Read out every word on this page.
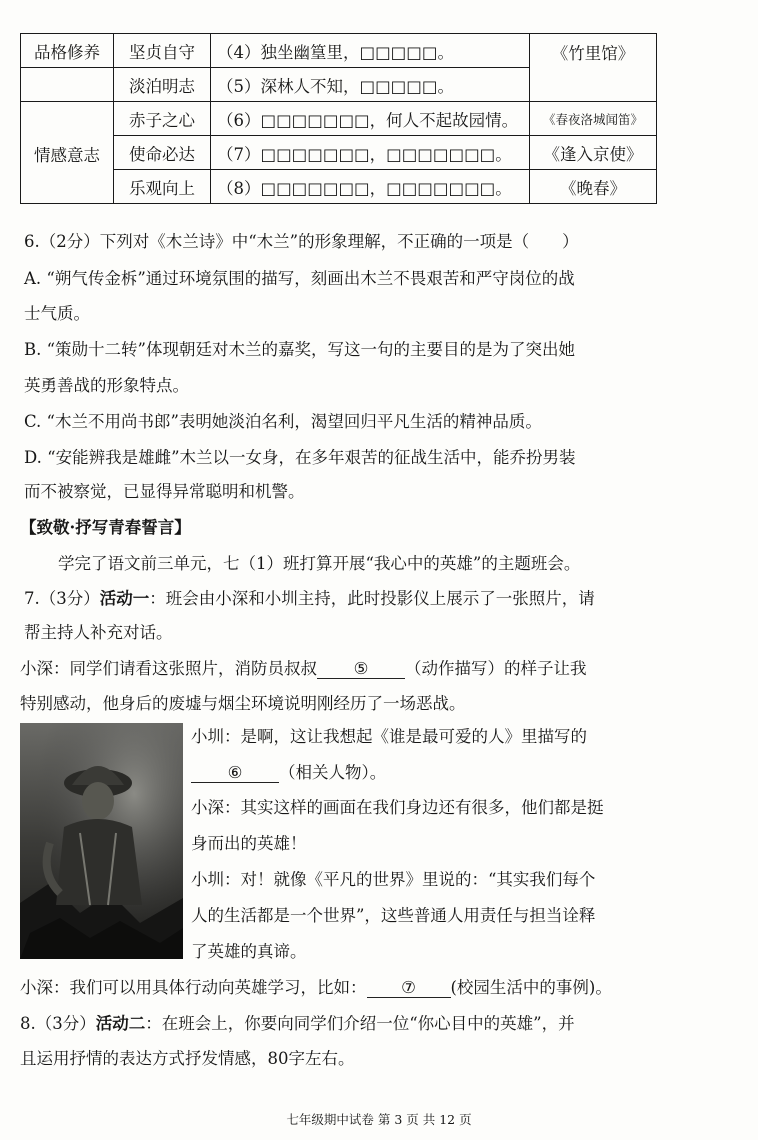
品格修养	坚贞自守	（4）独坐幽篁里，□□□□□。	《竹里馆》
	淡泊明志	（5）深林人不知，□□□□□。	
情感意志	赤子之心	（6）□□□□□□□，何人不起故园情。	《春夜洛城闻笛》
	使命必达	（7）□□□□□□□，□□□□□□□。	《逢入京使》
	乐观向上	（8）□□□□□□□，□□□□□□□。	《晚春》
6.（2分）下列对《木兰诗》中“木兰”的形象理解，不正确的一项是（　　）
A. “朔气传金柝”通过环境氛围的描写，刻画出木兰不畏艰苦和严守岗位的战
士气质。
B. “策勋十二转”体现朝廷对木兰的嘉奖，写这一句的主要目的是为了突出她
英勇善战的形象特点。
C. “木兰不用尚书郎”表明她淡泊名利，渴望回归平凡生活的精神品质。
D. “安能辨我是雄雌”木兰以一女身，在多年艰苦的征战生活中，能乔扮男装
而不被察觉，已显得异常聪明和机警。
【致敬·抒写青春誓言】
学完了语文前三单元，七（1）班打算开展“我心中的英雄”的主题班会。
7.（3分）活动一：班会由小深和小圳主持，此时投影仪上展示了一张照片，请
帮主持人补充对话。
小深：同学们请看这张照片，消防员叔叔 ⑤ （动作描写）的样子让我
特别感动，他身后的废墟与烟尘环境说明刚经历了一场恶战。
小圳：是啊，这让我想起《谁是最可爱的人》里描写的
⑥ （相关人物）。
小深：其实这样的画面在我们身边还有很多，他们都是挺
身而出的英雄！
小圳：对！就像《平凡的世界》里说的：“其实我们每个
人的生活都是一个世界”，这些普通人用责任与担当诠释
了英雄的真谛。
小深：我们可以用具体行动向英雄学习，比如： ⑦ (校园生活中的事例)。
8.（3分）活动二：在班会上，你要向同学们介绍一位“你心目中的英雄”，并
且运用抒情的表达方式抒发情感，80字左右。
七年级期中试卷 第 3 页 共 12 页
